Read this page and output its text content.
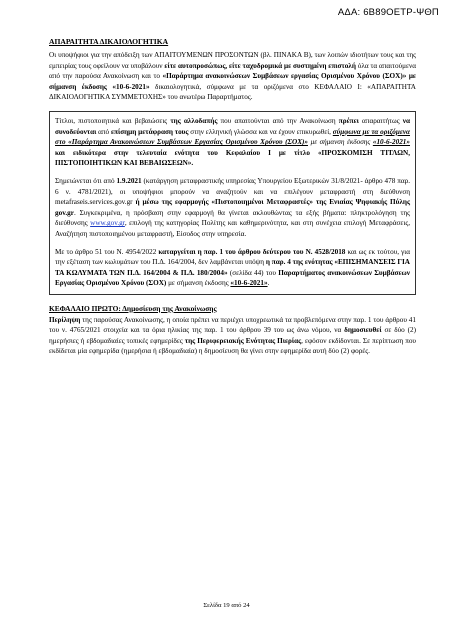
ΑΔΑ: 6Β89ΟΕΤΡ-ΨΘΠ
ΑΠΑΡΑΙΤΗΤΑ ΔΙΚΑΙΟΛΟΓΗΤΙΚΑ

Οι υποψήφιοι για την απόδειξη των ΑΠΑΙΤΟΥΜΕΝΩΝ ΠΡΟΣΟΝΤΩΝ (βλ. ΠΙΝΑΚΑ Β), των λοιπών ιδιοτήτων τους και της εμπειρίας τους οφείλουν να υποβάλουν είτε αυτοπροσώπως, είτε ταχυδρομικά με συστημένη επιστολή όλα τα απαιτούμενα από την παρούσα Ανακοίνωση και το «Παράρτημα ανακοινώσεων Συμβάσεων εργασίας Ορισμένου Χρόνου (ΣΟΧ)» με σήμανση έκδοσης «10-6-2021» δικαιολογητικά, σύμφωνα με τα οριζόμενα στο ΚΕΦΑΛΑΙΟ Ι: «ΑΠΑΡΑΙΤΗΤΑ ΔΙΚΑΙΟΛΟΓΗΤΙΚΑ ΣΥΜΜΕΤΟΧΗΣ» του ανωτέρω Παραρτήματος.

Τίτλοι, πιστοποιητικά και βεβαιώσεις της αλλοδαπής που απαιτούνται από την Ανακοίνωση πρέπει απαραιτήτως να συνοδεύονται από επίσημη μετάφραση τους στην ελληνική γλώσσα και να έχουν επικυρωθεί, σύμφωνα με τα οριζόμενα στο «Παράρτημα Ανακοινώσεων Συμβάσεων Εργασίας Ορισμένου Χρόνου (ΣΟΧ)» με σήμανση έκδοσης «10-6-2021» και ειδικότερα στην τελευταία ενότητα του Κεφαλαίου Ι με τίτλο «ΠΡΟΣΚΟΜΙΣΗ ΤΙΤΛΩΝ, ΠΙΣΤΟΠΟΙΗΤΙΚΩΝ ΚΑΙ ΒΕΒΑΙΩΣΕΩΝ».

Σημειώνεται ότι από 1.9.2021 (κατάργηση μεταφραστικής υπηρεσίας Υπουργείου Εξωτερικών 31/8/2021- άρθρο 478 παρ. 6 ν. 4781/2021), οι υποψήφιοι μπορούν να αναζητούν και να επιλέγουν μεταφραστή στη διεύθυνση metafraseis.services.gov.gr ή μέσω της εφαρμογής «Πιστοποιημένοι Μεταφραστές» της Ενιαίας Ψηφιακής Πύλης gov.gr. Συγκεκριμένα, η πρόσβαση στην εφαρμογή θα γίνεται ακλουθώντας τα εξής βήματα: πληκτρολόγηση της διεύθυνσης www.gov.gr, επιλογή της κατηγορίας Πολίτης και καθημερινότητα, και στη συνέχεια επιλογή Μεταφράσεις, Αναζήτηση πιστοποιημένου μεταφραστή, Είσοδος στην υπηρεσία.

Με το άρθρο 51 του Ν. 4954/2022 καταργείται η παρ. 1 του άρθρου δεύτερου του Ν. 4528/2018 και ως εκ τούτου, για την εξέταση των κωλυμάτων του Π.Δ. 164/2004, δεν λαμβάνεται υπόψη η παρ. 4 της ενότητας «ΕΠΙΣΗΜΑΝΣΕΙΣ ΓΙΑ ΤΑ ΚΩΛΥΜΑΤΑ ΤΩΝ Π.Δ. 164/2004 & Π.Δ. 180/2004» (σελίδα 44) του Παραρτήματος ανακοινώσεων Συμβάσεων Εργασίας Ορισμένου Χρόνου (ΣΟΧ) με σήμανση έκδοσης «10-6-2021».

ΚΕΦΑΛΑΙΟ ΠΡΩΤΟ: Δημοσίευση της Ανακοίνωσης

Περίληψη της παρούσας Ανακοίνωσης, η οποία πρέπει να περιέχει υποχρεωτικά τα προβλεπόμενα στην παρ. 1 του άρθρου 41 του ν. 4765/2021 στοιχεία και τα όρια ηλικίας της παρ. 1 του άρθρου 39 του ως άνω νόμου, να δημοσιευθεί σε δύο (2) ημερήσιες ή εβδομαδιαίες τοπικές εφημερίδες της Περιφερειακής Ενότητας Πιερίας, εφόσον εκδίδονται. Σε περίπτωση που εκδίδεται μία εφημερίδα (ημερήσια ή εβδομαδιαία) η δημοσίευση θα γίνει στην εφημερίδα αυτή δύο (2) φορές.

Σελίδα 19 από 24
